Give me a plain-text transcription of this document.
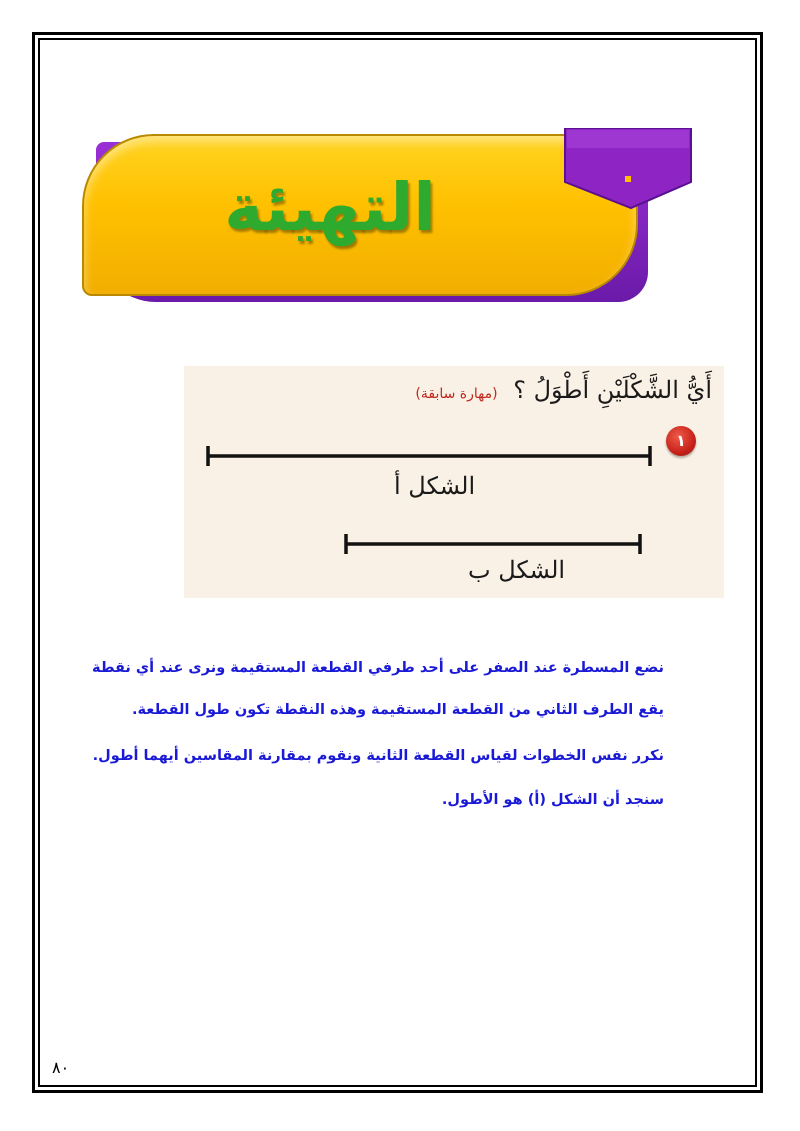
التهيئة
أَيُّ الشَّكْلَيْنِ أَطْوَلُ ؟ (مهارة سابقة)
١
الشكل أ
الشكل ب
نضع المسطرة عند الصفر على أحد طرفي القطعة المستقيمة ونرى عند أي نقطة
يقع الطرف الثاني من القطعة المستقيمة وهذه النقطة تكون طول القطعة.
نكرر نفس الخطوات لقياس القطعة الثانية ونقوم بمقارنة المقاسين أيهما أطول.
سنجد أن الشكل (أ) هو الأطول.
٨٠
